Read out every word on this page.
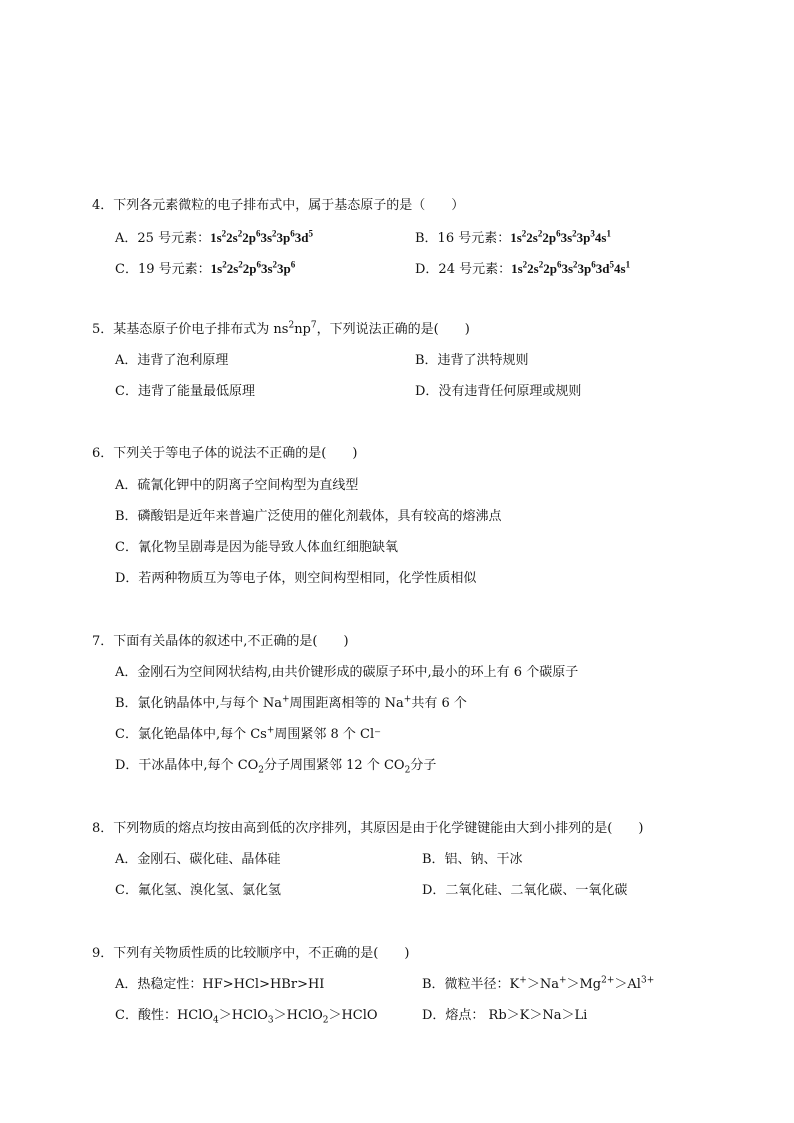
4．下列各元素微粒的电子排布式中，属于基态原子的是（　　）
A．25 号元素：$1s^22s^22p^63s^23p^63d^5$	B．16 号元素：$1s^22s^22p^63s^23p^34s^1$
C．19 号元素：$1s^22s^22p^63s^23p^6$	D．24 号元素：$1s^22s^22p^63s^23p^63d^54s^1$
5．某基态原子价电子排布式为 $ns^2np^7$，下列说法正确的是(　　)
A．违背了泡利原理	B．违背了洪特规则
C．违背了能量最低原理	D．没有违背任何原理或规则
6．下列关于等电子体的说法不正确的是(　　)
A．硫氰化钾中的阴离子空间构型为直线型
B．磷酸铝是近年来普遍广泛使用的催化剂载体，具有较高的熔沸点
C．氰化物呈剧毒是因为能导致人体血红细胞缺氧
D．若两种物质互为等电子体，则空间构型相同，化学性质相似
7．下面有关晶体的叙述中,不正确的是(　　)
A．金刚石为空间网状结构,由共价键形成的碳原子环中,最小的环上有 6 个碳原子
B．氯化钠晶体中,与每个 Na+周围距离相等的 Na+共有 6 个
C．氯化铯晶体中,每个 Cs+周围紧邻 8 个 Cl⁻
D．干冰晶体中,每个 $CO_2$分子周围紧邻 12 个 $CO_2$分子
8．下列物质的熔点均按由高到低的次序排列，其原因是由于化学键键能由大到小排列的是(　　)
A．金刚石、碳化硅、晶体硅	B．铝、钠、干冰
C．氟化氢、溴化氢、氯化氢	D．二氧化硅、二氧化碳、一氧化碳
9．下列有关物质性质的比较顺序中，不正确的是(　　)
A．热稳定性：HF>HCl>HBr>HI	B．微粒半径：$K^+>Na^+>Mg^{2+}>Al^{3+}$
C．酸性：HClO$_4$＞HClO$_3$＞HClO$_2$＞HClO	D．熔点： Rb＞K＞Na＞Li
